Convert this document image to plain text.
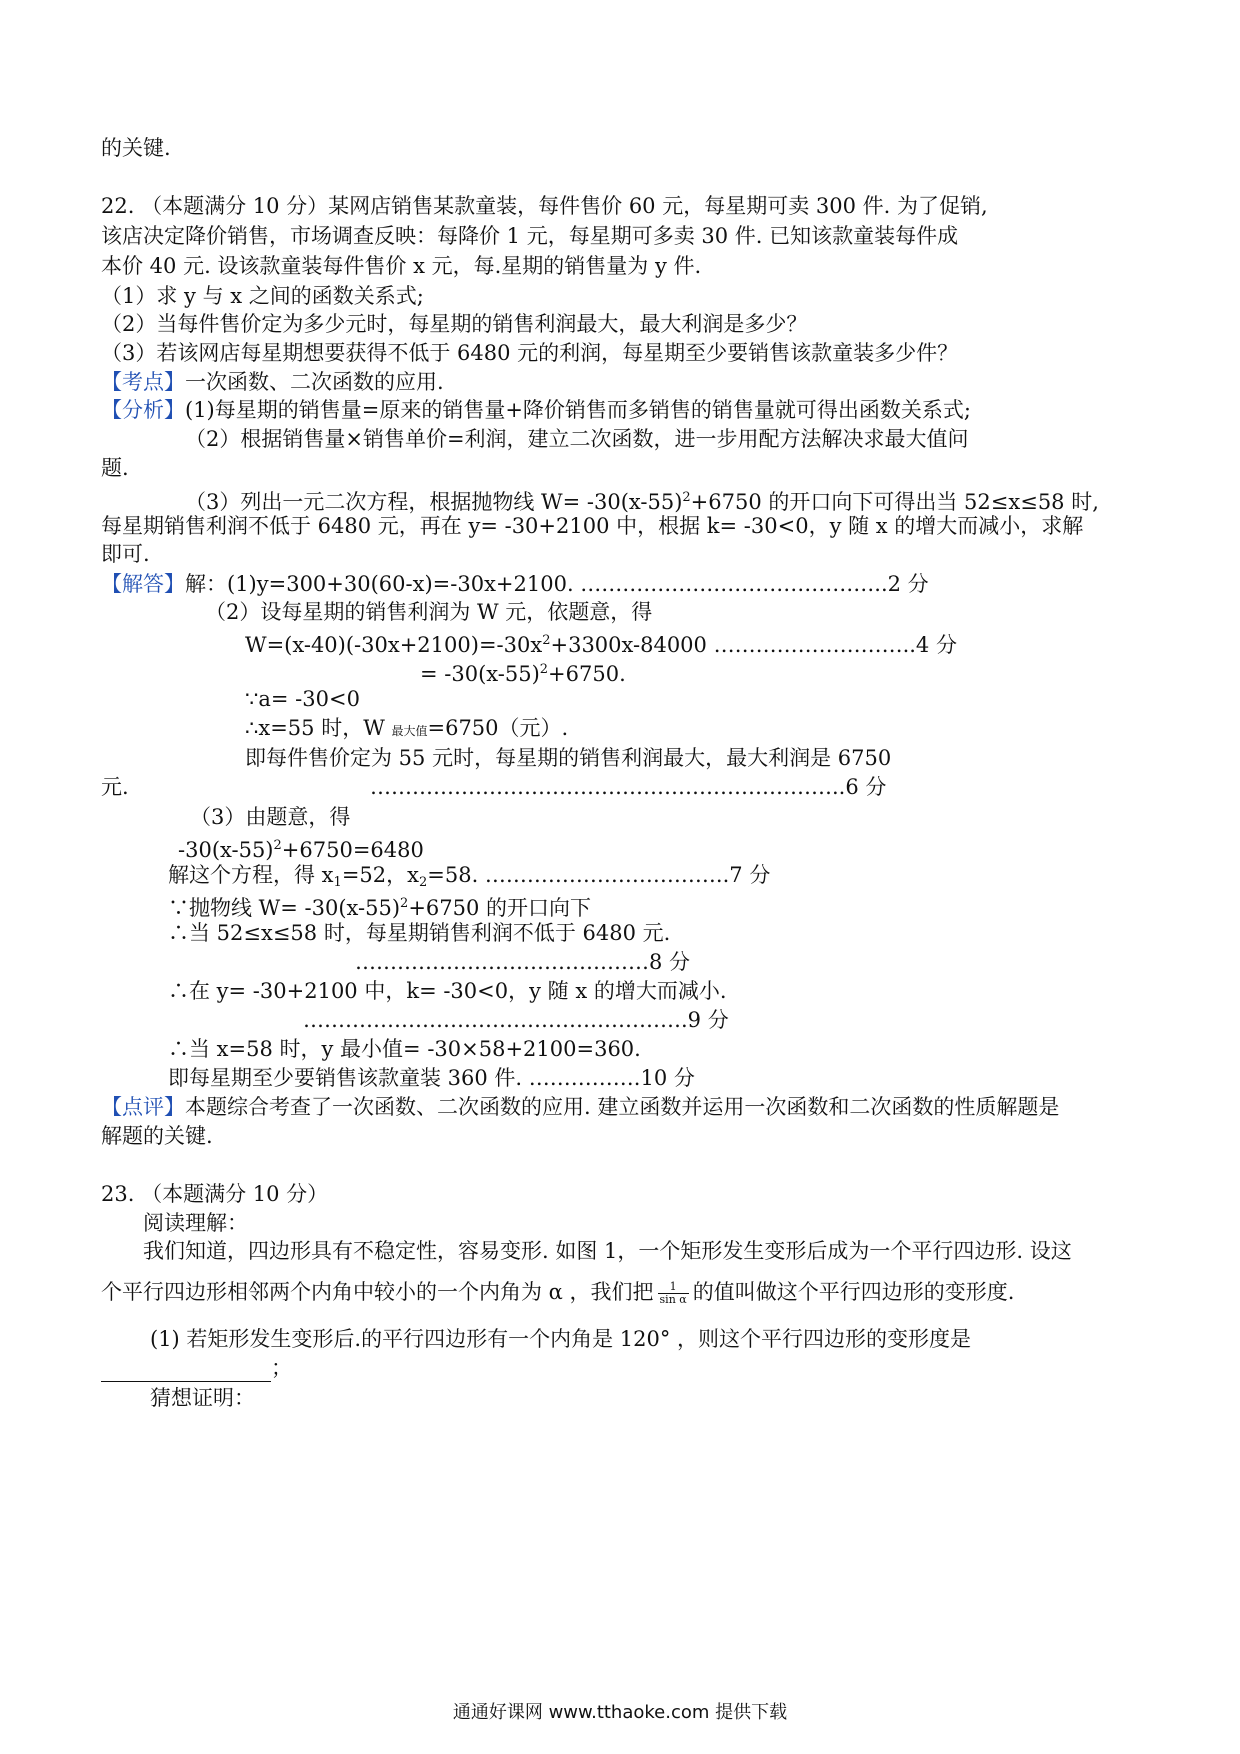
的关键.
22. （本题满分 10 分）某网店销售某款童装，每件售价 60 元，每星期可卖 300 件. 为了促销,
该店决定降价销售，市场调查反映：每降价 1 元，每星期可多卖 30 件. 已知该款童装每件成
本价 40 元. 设该款童装每件售价 x 元，每.星期的销售量为 y 件.
（1）求 y 与 x 之间的函数关系式;
（2）当每件售价定为多少元时，每星期的销售利润最大，最大利润是多少？
（3）若该网店每星期想要获得不低于 6480 元的利润，每星期至少要销售该款童装多少件？
【考点】一次函数、二次函数的应用.
【分析】(1)每星期的销售量=原来的销售量+降价销售而多销售的销售量就可得出函数关系式;
（2）根据销售量×销售单价=利润，建立二次函数，进一步用配方法解决求最大值问
题.
（3）列出一元二次方程，根据抛物线 $W= -30(x-55)^2+6750$ 的开口向下可得出当 52≤x≤58 时,
每星期销售利润不低于 6480 元，再在 y= -30+2100 中，根据 k= -30<0，y 随 x 的增大而减小，求解
即可.
【解答】解：(1)y=300+30(60-x)=-30x+2100. ……………………………………..2 分
（2）设每星期的销售利润为 W 元，依题意，得
$W=(x-40)(-30x+2100)=-30x^2+3300x-84000$ ………………………..4 分
= $-30(x-55)^2+6750$.
∵a= -30<0
∴x=55 时，W 最大值=6750（元）.
即每件售价定为 55 元时，每星期的销售利润最大，最大利润是 6750
元.	…………………………………………………………..6 分
（3）由题意，得
$-30(x-55)^2+6750=6480$
解这个方程，得 $x_1=52$，$x_2=58$. ……………………………..7 分
∵抛物线 $W= -30(x-55)^2+6750$ 的开口向下
∴当 52≤x≤58 时，每星期销售利润不低于 6480 元.
……………………………………8 分
∴在 y= -30+2100 中，k= -30<0，y 随 x 的增大而减小.
……………………………………………….9 分
∴当 x=58 时，y 最小值= -30×58+2100=360.
即每星期至少要销售该款童装 360 件. …………….10 分
【点评】本题综合考查了一次函数、二次函数的应用. 建立函数并运用一次函数和二次函数的性质解题是
解题的关键.
23. （本题满分 10 分）
阅读理解：
我们知道，四边形具有不稳定性，容易变形. 如图 1，一个矩形发生变形后成为一个平行四边形. 设这
个平行四边形相邻两个内角中较小的一个内角为 α ，我们把 $\frac{1}{\text{sin α}}$ 的值叫做这个平行四边形的变形度.
(1) 若矩形发生变形后.的平行四边形有一个内角是 120° ，则这个平行四边形的变形度是
；
猜想证明：
通通好课网 www.tthaoke.com 提供下载
